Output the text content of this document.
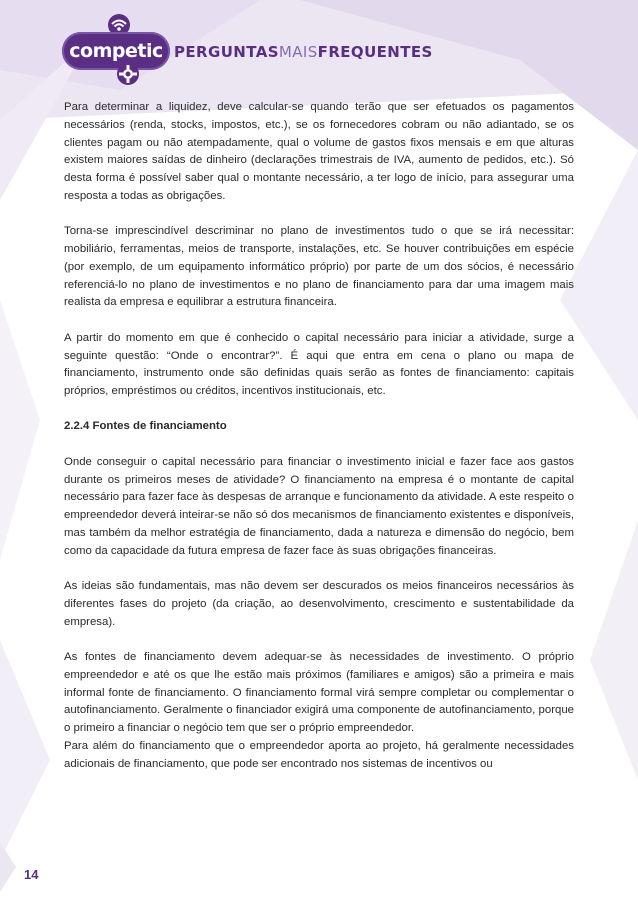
competic PERGUNTASMAISFREQUENTES

Para determinar a liquidez, deve calcular-se quando terão que ser efetuados os pagamentos necessários (renda, stocks, impostos, etc.), se os fornecedores cobram ou não adiantado, se os clientes pagam ou não atempadamente, qual o volume de gastos fixos mensais e em que alturas existem maiores saídas de dinheiro (declarações trimestrais de IVA, aumento de pedidos, etc.). Só desta forma é possível saber qual o montante necessário, a ter logo de início, para assegurar uma resposta a todas as obrigações.

Torna-se imprescindível descriminar no plano de investimentos tudo o que se irá necessitar: mobiliário, ferramentas, meios de transporte, instalações, etc. Se houver contribuições em espécie (por exemplo, de um equipamento informático próprio) por parte de um dos sócios, é necessário referenciá-lo no plano de investimentos e no plano de financiamento para dar uma imagem mais realista da empresa e equilibrar a estrutura financeira.

A partir do momento em que é conhecido o capital necessário para iniciar a atividade, surge a seguinte questão: “Onde o encontrar?”. É aqui que entra em cena o plano ou mapa de financiamento, instrumento onde são definidas quais serão as fontes de financiamento: capitais próprios, empréstimos ou créditos, incentivos institucionais, etc.

2.2.4 Fontes de financiamento

Onde conseguir o capital necessário para financiar o investimento inicial e fazer face aos gastos durante os primeiros meses de atividade? O financiamento na empresa é o montante de capital necessário para fazer face às despesas de arranque e funcionamento da atividade. A este respeito o empreendedor deverá inteirar-se não só dos mecanismos de financiamento existentes e disponíveis, mas também da melhor estratégia de financiamento, dada a natureza e dimensão do negócio, bem como da capacidade da futura empresa de fazer face às suas obrigações financeiras.

As ideias são fundamentais, mas não devem ser descurados os meios financeiros necessários às diferentes fases do projeto (da criação, ao desenvolvimento, crescimento e sustentabilidade da empresa).

As fontes de financiamento devem adequar-se às necessidades de investimento. O próprio empreendedor e até os que lhe estão mais próximos (familiares e amigos) são a primeira e mais informal fonte de financiamento. O financiamento formal virá sempre completar ou complementar o autofinanciamento. Geralmente o financiador exigirá uma componente de autofinanciamento, porque o primeiro a financiar o negócio tem que ser o próprio empreendedor.

Para além do financiamento que o empreendedor aporta ao projeto, há geralmente necessidades adicionais de financiamento, que pode ser encontrado nos sistemas de incentivos ou

14
